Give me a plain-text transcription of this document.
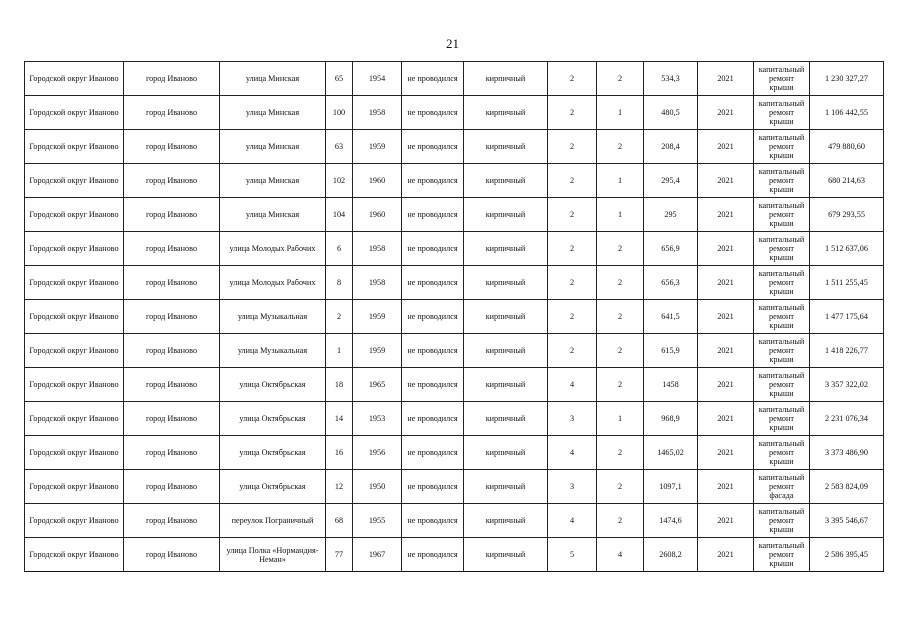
21
Городской округ Иваново	город Иваново	улица Минская	65	1954	не проводился	кирпичный	2	2	534,3	2021	капитальный ремонт крыши	1 230 327,27
Городской округ Иваново	город Иваново	улица Минская	100	1958	не проводился	кирпичный	2	1	480,5	2021	капитальный ремонт крыши	1 106 442,55
Городской округ Иваново	город Иваново	улица Минская	63	1959	не проводился	кирпичный	2	2	208,4	2021	капитальный ремонт крыши	479 880,60
Городской округ Иваново	город Иваново	улица Минская	102	1960	не проводился	кирпичный	2	1	295,4	2021	капитальный ремонт крыши	680 214,63
Городской округ Иваново	город Иваново	улица Минская	104	1960	не проводился	кирпичный	2	1	295	2021	капитальный ремонт крыши	679 293,55
Городской округ Иваново	город Иваново	улица Молодых Рабочих	6	1958	не проводился	кирпичный	2	2	656,9	2021	капитальный ремонт крыши	1 512 637,06
Городской округ Иваново	город Иваново	улица Молодых Рабочих	8	1958	не проводился	кирпичный	2	2	656,3	2021	капитальный ремонт крыши	1 511 255,45
Городской округ Иваново	город Иваново	улица Музыкальная	2	1959	не проводился	кирпичный	2	2	641,5	2021	капитальный ремонт крыши	1 477 175,64
Городской округ Иваново	город Иваново	улица Музыкальная	1	1959	не проводился	кирпичный	2	2	615,9	2021	капитальный ремонт крыши	1 418 226,77
Городской округ Иваново	город Иваново	улица Октябрьская	18	1965	не проводился	кирпичный	4	2	1458	2021	капитальный ремонт крыши	3 357 322,02
Городской округ Иваново	город Иваново	улица Октябрьская	14	1953	не проводился	кирпичный	3	1	968,9	2021	капитальный ремонт крыши	2 231 076,34
Городской округ Иваново	город Иваново	улица Октябрьская	16	1956	не проводился	кирпичный	4	2	1465,02	2021	капитальный ремонт крыши	3 373 486,90
Городской округ Иваново	город Иваново	улица Октябрьская	12	1950	не проводился	кирпичный	3	2	1097,1	2021	капитальный ремонт фасада	2 583 824,09
Городской округ Иваново	город Иваново	переулок Пограничный	68	1955	не проводился	кирпичный	4	2	1474,6	2021	капитальный ремонт крыши	3 395 546,67
Городской округ Иваново	город Иваново	улица Полка «Нормандия-Неман»	77	1967	не проводился	кирпичный	5	4	2608,2	2021	капитальный ремонт крыши	2 586 395,45
